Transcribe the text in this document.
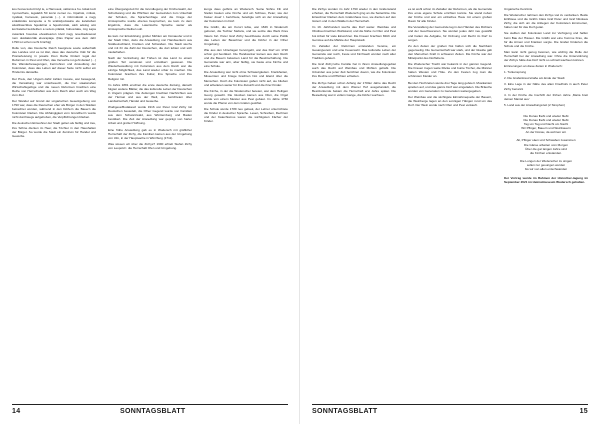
kos hocsa kozott folyt le, a Hamosok, vallomá a hu- lottak kozt nyomozhato, legalabb 50 kozsi nemet ne- bipahok, miikok, nyaikak, hamosok, pansciak (…). A informálódó a nagy érdeklódés kozepette a fő szabályozására ele kelettében alsobbasztikus fejedelmé a fejesfunciak, alob adolog ami kozzatettel kezdetben a vezeto pilaták, hoboszaka, mig Lajos császárá hosszas elvadósazon kivül nagy tevezkedésével nem okáttakozták elsorapiaja. (Das Papier aus dem Jahr 1790 ist schon recht brüchig)

Rolle von, das Deutsche Reich beeignete sowie außerhalb des Landes und es ist klar, dass das deutsche Volk für die Pionierleistung in jeweils ihren Reihe fördern legal der Reformen in Pest und Ofen, das Versuche ist geht darauf (…) Die Wanderbewegungen, Fernrohren und Ansiedlung der Kolonisten, dass das Leben auf dieser Seite nicht selbst ein Hindernis darstellte.

Der Preis, den Ungarn dafür zahlen musste, war bewegend, die Verwaltung war unterbesetzt, die hier staatsnahen Wirtschaftsgefüge und die neuen Reformen brachten eine Reihe von Herrschaften aus dem Reich aber auch am Weg zum Ziel.

Der Wandel auf Grund der ungarischen Gesetzgebung von 1790 war, dass die Deutschen eher als Bürger in den Städten betrachtet wurden, während in den Dörfern die Bauern die Kolonisten blieben. Die Abhängigkeit vom Grundherrn wurde nicht durchwegs aufgehoben, die Verpflichtungen blieben.

Die deutschen Einwohner der Stadt gelten als fleißig und treu, ihre Söhne dienten im Heer, die Töchter in den Haushalten der Bürger. So wurde die Stadt ein Zentrum für Handel und Gewerbe.

eine Übergangszeit für die Grundlegung der Kirchenwahl, der Schulzwang und die Pflichten der Gemeinden zum Unterhalt der Schulen, die Sprachenfrage und die Frage der Amtssprache wurde ebenso besprochen, sie kam zu dem Ergebnis, dass die Lateinische Sprache weiter als Amtssprache bleiben soll.

Es kam zur Entwicklung großer Mühlen am Donauufer und in der Stadt Ofen, dazu die Ansiedlung von Handwerkern aus Süddeutschland, Franken und Schwaben. Die Stadt wuchs und mit ihr die Zahl der Deutschen, die dort lebten und sich niederließen.

Nach der Vertreibung der Türken ist das Land zu einem großen Teil verwüstet und entvölkert gewesen. Die Wiederbesiedlung mit Kolonisten aus dem Reich war die einzige Möglichkeit, das Land wieder urbar zu machen. Die Kolonisten brachten ihre Kultur, ihre Sprache und ihre Religion mit.

Im Jahre 1881 erschien die erste deutsche Zeitung, danach folgten weitere Blätter, die das kulturelle Leben der Deutschen in Ungarn prägten. Die Zeitungen brachten Nachrichten aus der Heimat und aus der Welt, sie berichteten über Landwirtschaft, Handel und Gewerbe.

Wudigess/Budakeszi wurde 1916 von Peter Graf Zichy mit Deutschen besiedelt, die Ofner Gegend wurde von Familien aus dem Schwarzwald, aus Württemberg und Baden bevölkert. Die Zeit der Ansiedlung war geprägt von harter Arbeit und großer Hoffnung.

Eine frühe Ansiedlung gab es in Wudersch mit gräflicher Herrschaft der Zichy, die Familien kamen aus der Umgebung von Ulm, in der Hauptsache in Würzburg (1711).

Was wissen wir über die Zichys? 1690 erhielt Stefan Zichy von Leopold I. die Herrschaft Ofen und Umgebung.

kungs dass gelbnis an Wudersch. Seine Söhne Fili und Stefan bauten eine Kirche und ein Schloss, Peter, wie der Kaiser Josef I. berichtete, beteiligte sich an der Ansiedlung der Kolonisten im Dorf.

Die Gräfin, die am Kurort lebte, war 1846 in Wudersch geboren, die Tochter Stefans, und sie setzte das Werk ihres Vaters fort. Peter Graf Zichy beeinflusste durch seine Politik das Leben der Bewohner und die Dörfer in der Ofner Umgebung.

Wie aus den Unterlagen hervorgeht, war das Dorf um 1720 schon gut bevölkert. Die Handwerker kamen aus dem Reich und die Bauern bekamen Land für die Bewirtschaftung. Die Gemeinde war arm, aber fleißig, sie baute eine Kirche und eine Schule.

Die Ansiedlung war nicht ohne Schwierigkeiten. Krankheiten, Missernten und Kriege brachten Not und Elend über die Menschen. Doch die Kolonisten gaben nicht auf, sie blieben und arbeiteten weiter für ihre Zukunft und die ihrer Kinder.

Die Kirche, in der die Wuderscher beteten, war dem Heiligen Georg geweiht. Die Glocken kamen aus Ofen, die Orgel wurde von einem Meister aus Pest gebaut. Im Jahre 1760 wurde die Pfarrei von dem Grafen gestiftet.

Die Schule wurde 1789 neu gebaut, der Lehrer unterrichtete die Kinder in deutscher Sprache. Lesen, Schreiben, Rechnen und der Katechismus waren die wichtigsten Fächer der Kinder.

14	SONNTAGSBLATT

Die Zichys wurden im Jahr 1790 wieder in den Grafenstand erhoben, die Herrschaft Wudersch ging an die Seitenlinie. Die Einwohner blieben dem Grafenhaus treu, sie dienten auf den Gütern und in den Wäldern der Herrschaft.

Im 19. Jahrhundert wuchs das Dorf weiter. Weinbau und Obstbau brachten Wohlstand, und die Nähe zu Ofen und Pest bot Arbeit für viele Einwohner. Die Frauen brachten Milch und Gemüse auf die Märkte der Hauptstadt.

Im Zeitalter der Reformen entstanden Vereine, ein Gesangverein und eine Feuerwehr. Das kulturelle Leben der Gemeinde war reich, Feste und Kirchweih wurden nach alter Tradition gefeiert.

Die Graf Zichy'sche Familie hat in ihrem Ansiedlungsgebiet auch das Recht auf Weinbau und Mühlen gehabt. Die Urkunden aus jener Zeit berichten davon, wie die Kolonisten ihre Rechte und Pflichten erhielten.

Die Zichys haben schon Anfang der 1700er Jahre das Recht der Ansiedlung mit dem Wiener Hof ausgehandelt, die Besitzurkunde bekam die Herrschaft erst Jahre später. Die Besiedlung war in vollem Gange, die Dörfer wuchsen.

es ist wohl schon im Zeitalter der Reformen, als die Gemeinde ihre erste eigene Schule errichten konnte. Sie stand neben der Kirche und war ein einfaches Haus mit einem großen Raum für alle Kinder.

Die Verwaltung der Gemeinde lag in den Händen des Richters und der Geschworenen. Sie wurden jedes Jahr neu gewählt und hatten die Aufgabe, für Ordnung und Recht im Dorf zu sorgen.

Zu den Zeiten der großen Not halfen sich die Nachbarn gegenseitig. Die Gemeinschaft war stark, und der Glaube gab den Menschen Kraft in schweren Zeiten. Die Kirche war der Mittelpunkt des Dorflebens.

Die Wuderscher Tracht war bekannt in der ganzen Gegend. Die Frauen trugen weite Röcke und bunte Tücher, die Männer hatten Westen und Hüte. Zu den Festen zog man die schönsten Kleider an.

Bei den Hochzeiten wurde drei Tage lang gefeiert. Musikanten spielten auf, und das ganze Dorf war eingeladen. Die Bräuche wurden von Generation zu Generation weitergegeben.

Der Weinbau war die wichtigste Einnahmequelle der Bauern, die Weinberge lagen an den sonnigen Hängen rund um das Dorf. Der Wein wurde nach Ofen und Pest verkauft.

Ungarische Kenntnis

Die Wuderscher nahmen den Zichys viel zu verdanken. Beide Einflüsse und die Gräfin Clara Graf Peter und Graf Nikolaus Zichy, die sich um die Anliegen der Kolonisten kümmerten, haben viel für das Dorf getan.

Sie stellten den Kolonisten Land zur Verfügung und halfen beim Bau der Häuser. Die Gräfin war eine fromme Frau, die für die Armen und Kranken sorgte. Die Grafen förderten die Schule und die Kirche.

Man kann nicht genug betonen, wie wichtig die Rolle der Herrschaft bei der Ansiedlung war. Ohne die Unterstützung der Zichys hätte das Dorf nicht so schnell wachsen können.

Erinnerungen an diese Zeiten in Wudersch:

1. Turkensprung

2. Die Grafenkreuzstraße am Ende der Stadt

3. Eine Lage in der Nähe des alten Friedhofs in auch Peter Zichy benannt

4. In der Kirche die Inschrift der frühen Jahre ‚Maria breit deinen Mantel aus'

5. Land aus der Ansiedlungszeit (2 Strophen)

Die Donau fließt und wieder fließt

Die Donau fließt und wieder fließt

Tag um Tag und Nacht um Nacht

Wir Pflüger, Bauern und Weinbauern

An der Donau, da wohnen wir.

Alt, Pflüger säen und Schwaben zusammen

Die Gänse arbeiten vom Morgen

Über die gar langen Jahre sind

die Kirchen entstanden.

Die Lungen der Wuderscher zu singen

sollen nur gesungen werden

bis wir von allen entschwanden

Der Vortrag wurde im Rahmen der Historiker-tagung im September 2021 im Heimatmuseum Wudersch gehalten.

SONNTAGSBLATT	15
